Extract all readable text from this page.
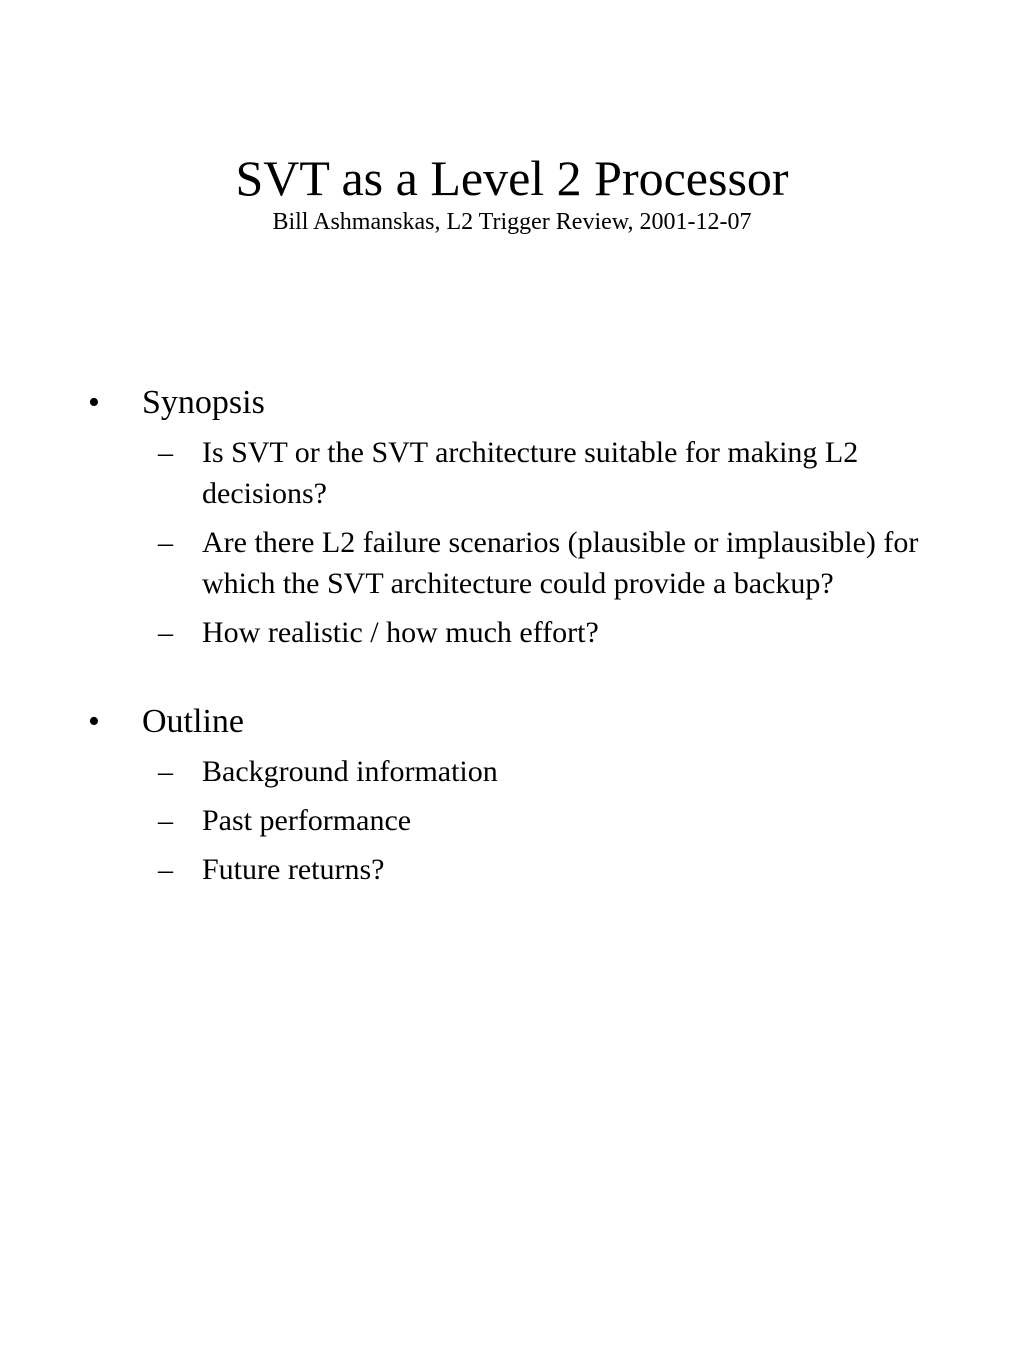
SVT as a Level 2 Processor

Bill Ashmanskas, L2 Trigger Review, 2001-12-07

• Synopsis
– Is SVT or the SVT architecture suitable for making L2 decisions?
– Are there L2 failure scenarios (plausible or implausible) for which the SVT architecture could provide a backup?
– How realistic / how much effort?
• Outline
– Background information
– Past performance
– Future returns?
